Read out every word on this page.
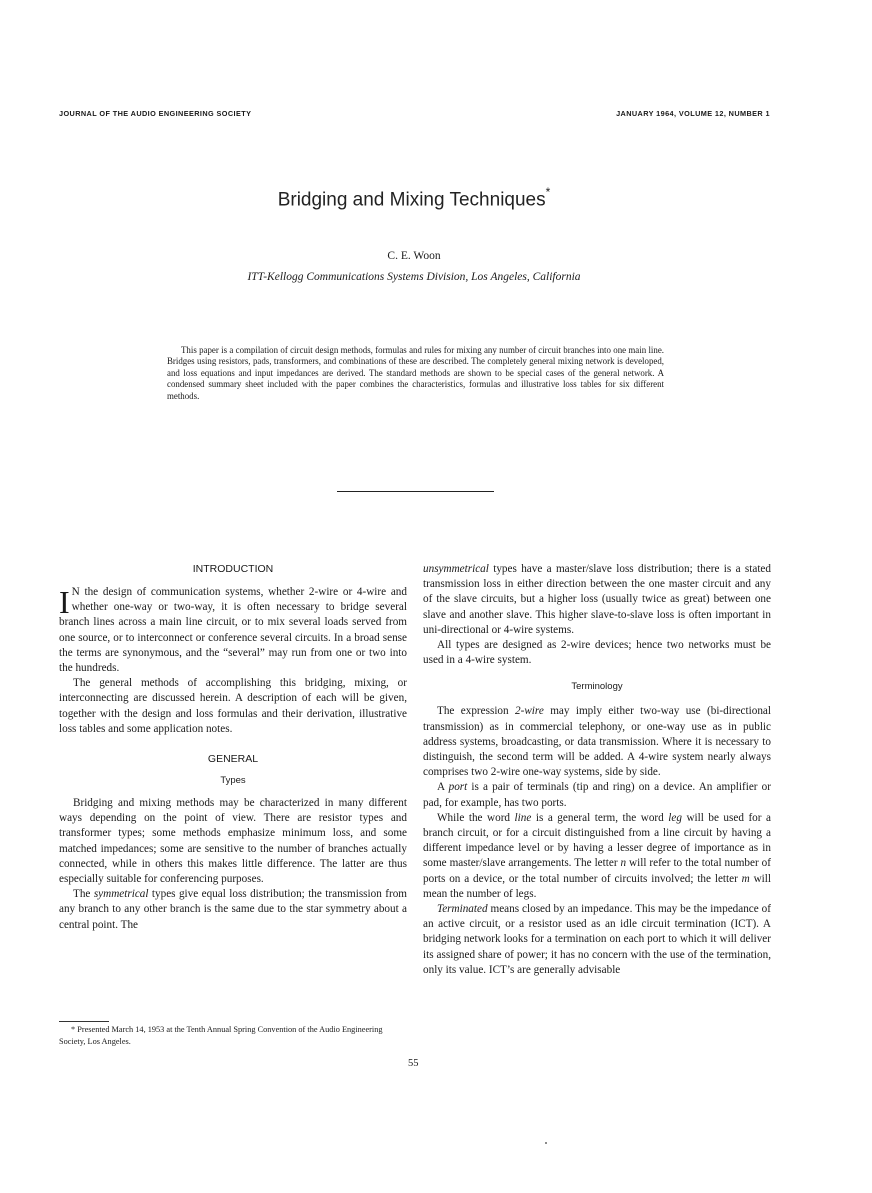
JOURNAL OF THE AUDIO ENGINEERING SOCIETY	JANUARY 1964, VOLUME 12, NUMBER 1
Bridging and Mixing Techniques*
C. E. Woon
ITT-Kellogg Communications Systems Division, Los Angeles, California
This paper is a compilation of circuit design methods, formulas and rules for mixing any number of circuit branches into one main line. Bridges using resistors, pads, transformers, and combinations of these are described. The completely general mixing network is developed, and loss equations and input impedances are derived. The standard methods are shown to be special cases of the general network. A condensed summary sheet included with the paper combines the characteristics, formulas and illustrative loss tables for six different methods.
INTRODUCTION

I N the design of communication systems, whether 2-wire or 4-wire and whether one-way or two-way, it is often necessary to bridge several branch lines across a main line circuit, or to mix several loads served from one source, or to interconnect or conference several circuits. In a broad sense the terms are synonymous, and the “several” may run from one or two into the hundreds.

The general methods of accomplishing this bridging, mixing, or interconnecting are discussed herein. A description of each will be given, together with the design and loss formulas and their derivation, illustrative loss tables and some application notes.

GENERAL
Types

Bridging and mixing methods may be characterized in many different ways depending on the point of view. There are resistor types and transformer types; some methods emphasize minimum loss, and some matched impedances; some are sensitive to the number of branches actually connected, while in others this makes little difference. The latter are thus especially suitable for conferencing purposes.

The symmetrical types give equal loss distribution; the transmission from any branch to any other branch is the same due to the star symmetry about a central point. The

unsymmetrical types have a master/slave loss distribution; there is a stated transmission loss in either direction between the one master circuit and any of the slave circuits, but a higher loss (usually twice as great) between one slave and another slave. This higher slave-to-slave loss is often important in uni-directional or 4-wire systems.

All types are designed as 2-wire devices; hence two networks must be used in a 4-wire system.

Terminology

The expression 2-wire may imply either two-way use (bi-directional transmission) as in commercial telephony, or one-way use as in public address systems, broadcasting, or data transmission. Where it is necessary to distinguish, the second term will be added. A 4-wire system nearly always comprises two 2-wire one-way systems, side by side.

A port is a pair of terminals (tip and ring) on a device. An amplifier or pad, for example, has two ports.

While the word line is a general term, the word leg will be used for a branch circuit, or for a circuit distinguished from a line circuit by having a different impedance level or by having a lesser degree of importance as in some master/slave arrangements. The letter n will refer to the total number of ports on a device, or the total number of circuits involved; the letter m will mean the number of legs.

Terminated means closed by an impedance. This may be the impedance of an active circuit, or a resistor used as an idle circuit termination (ICT). A bridging network looks for a termination on each port to which it will deliver its assigned share of power; it has no concern with the use of the termination, only its value. ICT’s are generally advisable

* Presented March 14, 1953 at the Tenth Annual Spring Convention of the Audio Engineering Society, Los Angeles.
55
